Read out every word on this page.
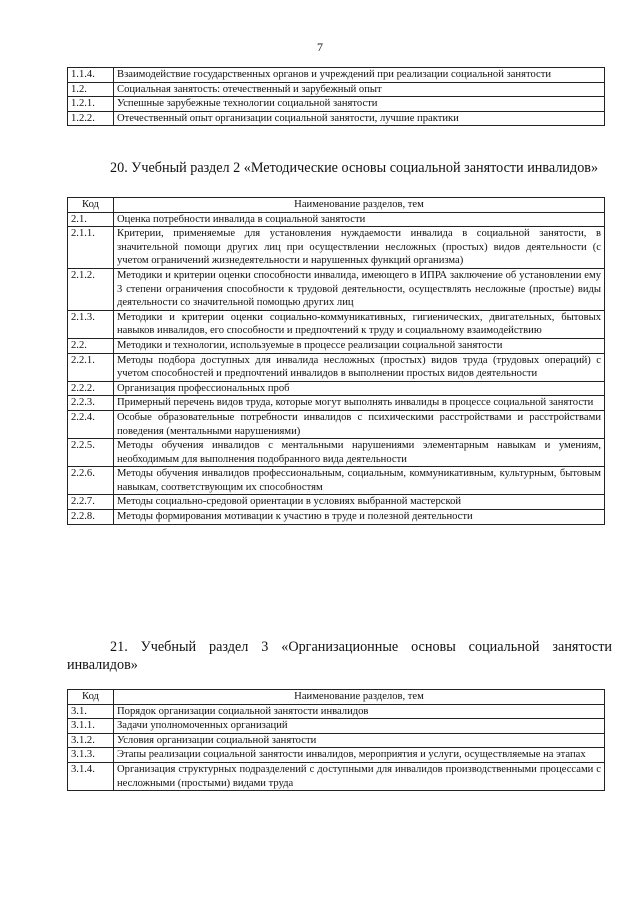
7
1.1.4.	Взаимодействие государственных органов и учреждений при реализации социальной занятости
1.2.	Социальная занятость: отечественный и зарубежный опыт
1.2.1.	Успешные зарубежные технологии социальной занятости
1.2.2.	Отечественный опыт организации социальной занятости, лучшие практики
20. Учебный раздел 2 «Методические основы социальной занятости инвалидов»
Код	Наименование разделов, тем
2.1.	Оценка потребности инвалида в социальной занятости
2.1.1.	Критерии, применяемые для установления нуждаемости инвалида в социальной занятости, в значительной помощи других лиц при осуществлении несложных (простых) видов деятельности (с учетом ограничений жизнедеятельности и нарушенных функций организма)
2.1.2.	Методики и критерии оценки способности инвалида, имеющего в ИПРА заключение об установлении ему 3 степени ограничения способности к трудовой деятельности, осуществлять несложные (простые) виды деятельности со значительной помощью других лиц
2.1.3.	Методики и критерии оценки социально-коммуникативных, гигиенических, двигательных, бытовых навыков инвалидов, его способности и предпочтений к труду и социальному взаимодействию
2.2.	Методики и технологии, используемые в процессе реализации социальной занятости
2.2.1.	Методы подбора доступных для инвалида несложных (простых) видов труда (трудовых операций) с учетом способностей и предпочтений инвалидов в выполнении простых видов деятельности
2.2.2.	Организация профессиональных проб
2.2.3.	Примерный перечень видов труда, которые могут выполнять инвалиды в процессе социальной занятости
2.2.4.	Особые образовательные потребности инвалидов с психическими расстройствами и расстройствами поведения (ментальными нарушениями)
2.2.5.	Методы обучения инвалидов с ментальными нарушениями элементарным навыкам и умениям, необходимым для выполнения подобранного вида деятельности
2.2.6.	Методы обучения инвалидов профессиональным, социальным, коммуникативным, культурным, бытовым навыкам, соответствующим их способностям
2.2.7.	Методы социально-средовой ориентации в условиях выбранной мастерской
2.2.8.	Методы формирования мотивации к участию в труде и полезной деятельности
21. Учебный раздел 3 «Организационные основы социальной занятости инвалидов»
Код	Наименование разделов, тем
3.1.	Порядок организации социальной занятости инвалидов
3.1.1.	Задачи уполномоченных организаций
3.1.2.	Условия организации социальной занятости
3.1.3.	Этапы реализации социальной занятости инвалидов, мероприятия и услуги, осуществляемые на этапах
3.1.4.	Организация структурных подразделений с доступными для инвалидов производственными процессами с несложными (простыми) видами труда
